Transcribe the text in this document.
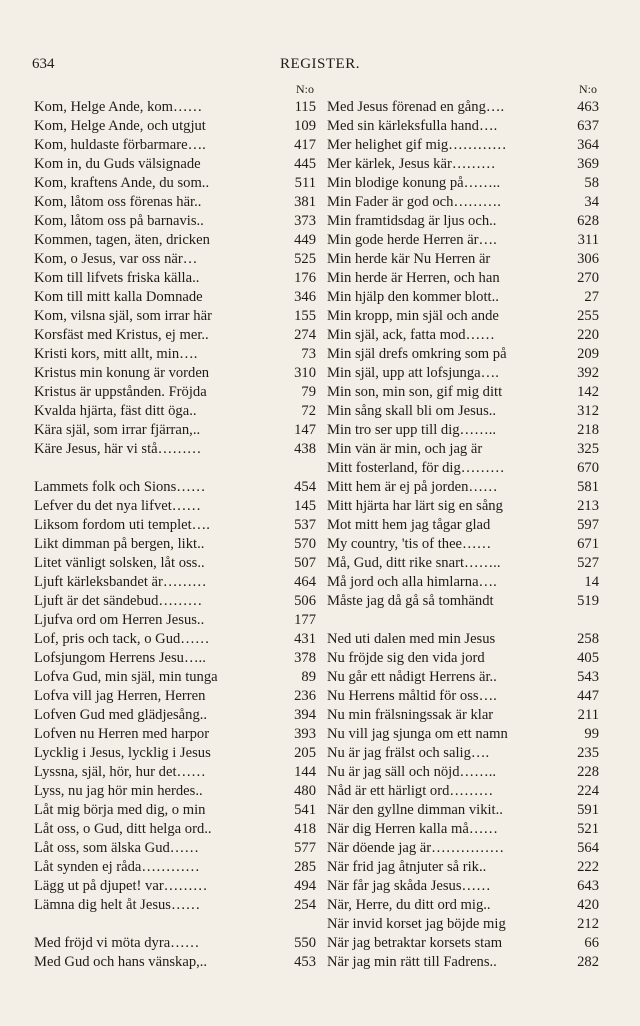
634	REGISTER.
N:o
Kom, Helge Ande, kom……	115
Kom, Helge Ande, och utgjut	109
Kom, huldaste förbarmare….	417
Kom in, du Guds välsignade	445
Kom, kraftens Ande, du som..	511
Kom, låtom oss förenas här..	381
Kom, låtom oss på barnavis..	373
Kommen, tagen, äten, dricken	449
Kom, o Jesus, var oss när…	525
Kom till lifvets friska källa..	176
Kom till mitt kalla Domnade	346
Kom, vilsna själ, som irrar här	155
Korsfäst med Kristus, ej mer..	274
Kristi kors, mitt allt, min….	73
Kristus min konung är vorden	310
Kristus är uppstånden. Fröjda	79
Kvalda hjärta, fäst ditt öga..	72
Kära själ, som irrar fjärran,..	147
Käre Jesus, här vi stå………	438
Lammets folk och Sions……	454
Lefver du det nya lifvet……	145
Liksom fordom uti templet….	537
Likt dimman på bergen, likt..	570
Litet vänligt solsken, låt oss..	507
Ljuft kärleksbandet är………	464
Ljuft är det sändebud………	506
Ljufva ord om Herren Jesus..	177
Lof, pris och tack, o Gud……	431
Lofsjungom Herrens Jesu…..	378
Lofva Gud, min själ, min tunga	89
Lofva vill jag Herren, Herren	236
Lofven Gud med glädjesång..	394
Lofven nu Herren med harpor	393
Lycklig i Jesus, lycklig i Jesus	205
Lyssna, själ, hör, hur det……	144
Lyss, nu jag hör min herdes..	480
Låt mig börja med dig, o min	541
Låt oss, o Gud, ditt helga ord..	418
Låt oss, som älska Gud……	577
Låt synden ej råda…………	285
Lägg ut på djupet! var………	494
Lämna dig helt åt Jesus……	254
Med fröjd vi möta dyra……	550
Med Gud och hans vänskap,..	453
N:o
Med Jesus förenad en gång….	463
Med sin kärleksfulla hand….	637
Mer helighet gif mig…………	364
Mer kärlek, Jesus kär………	369
Min blodige konung på……..	58
Min Fader är god och……….	34
Min framtidsdag är ljus och..	628
Min gode herde Herren är….	311
Min herde kär Nu Herren är	306
Min herde är Herren, och han	270
Min hjälp den kommer blott..	27
Min kropp, min själ och ande	255
Min själ, ack, fatta mod……	220
Min själ drefs omkring som på	209
Min själ, upp att lofsjunga….	392
Min son, min son, gif mig ditt	142
Min sång skall bli om Jesus..	312
Min tro ser upp till dig……..	218
Min vän är min, och jag är	325
Mitt fosterland, för dig………	670
Mitt hem är ej på jorden……	581
Mitt hjärta har lärt sig en sång	213
Mot mitt hem jag tågar glad	597
My country, 'tis of thee……	671
Må, Gud, ditt rike snart……..	527
Må jord och alla himlarna….	14
Måste jag då gå så tomhändt	519
Ned uti dalen med min Jesus	258
Nu fröjde sig den vida jord	405
Nu går ett nådigt Herrens är..	543
Nu Herrens måltid för oss….	447
Nu min frälsningssak är klar	211
Nu vill jag sjunga om ett namn	99
Nu är jag frälst och salig….	235
Nu är jag säll och nöjd……..	228
Nåd är ett härligt ord………	224
När den gyllne dimman vikit..	591
När dig Herren kalla må……	521
När döende jag är……………	564
När frid jag åtnjuter så rik..	222
När får jag skåda Jesus……	643
När, Herre, du ditt ord mig..	420
När invid korset jag böjde mig	212
När jag betraktar korsets stam	66
När jag min rätt till Fadrens..	282
